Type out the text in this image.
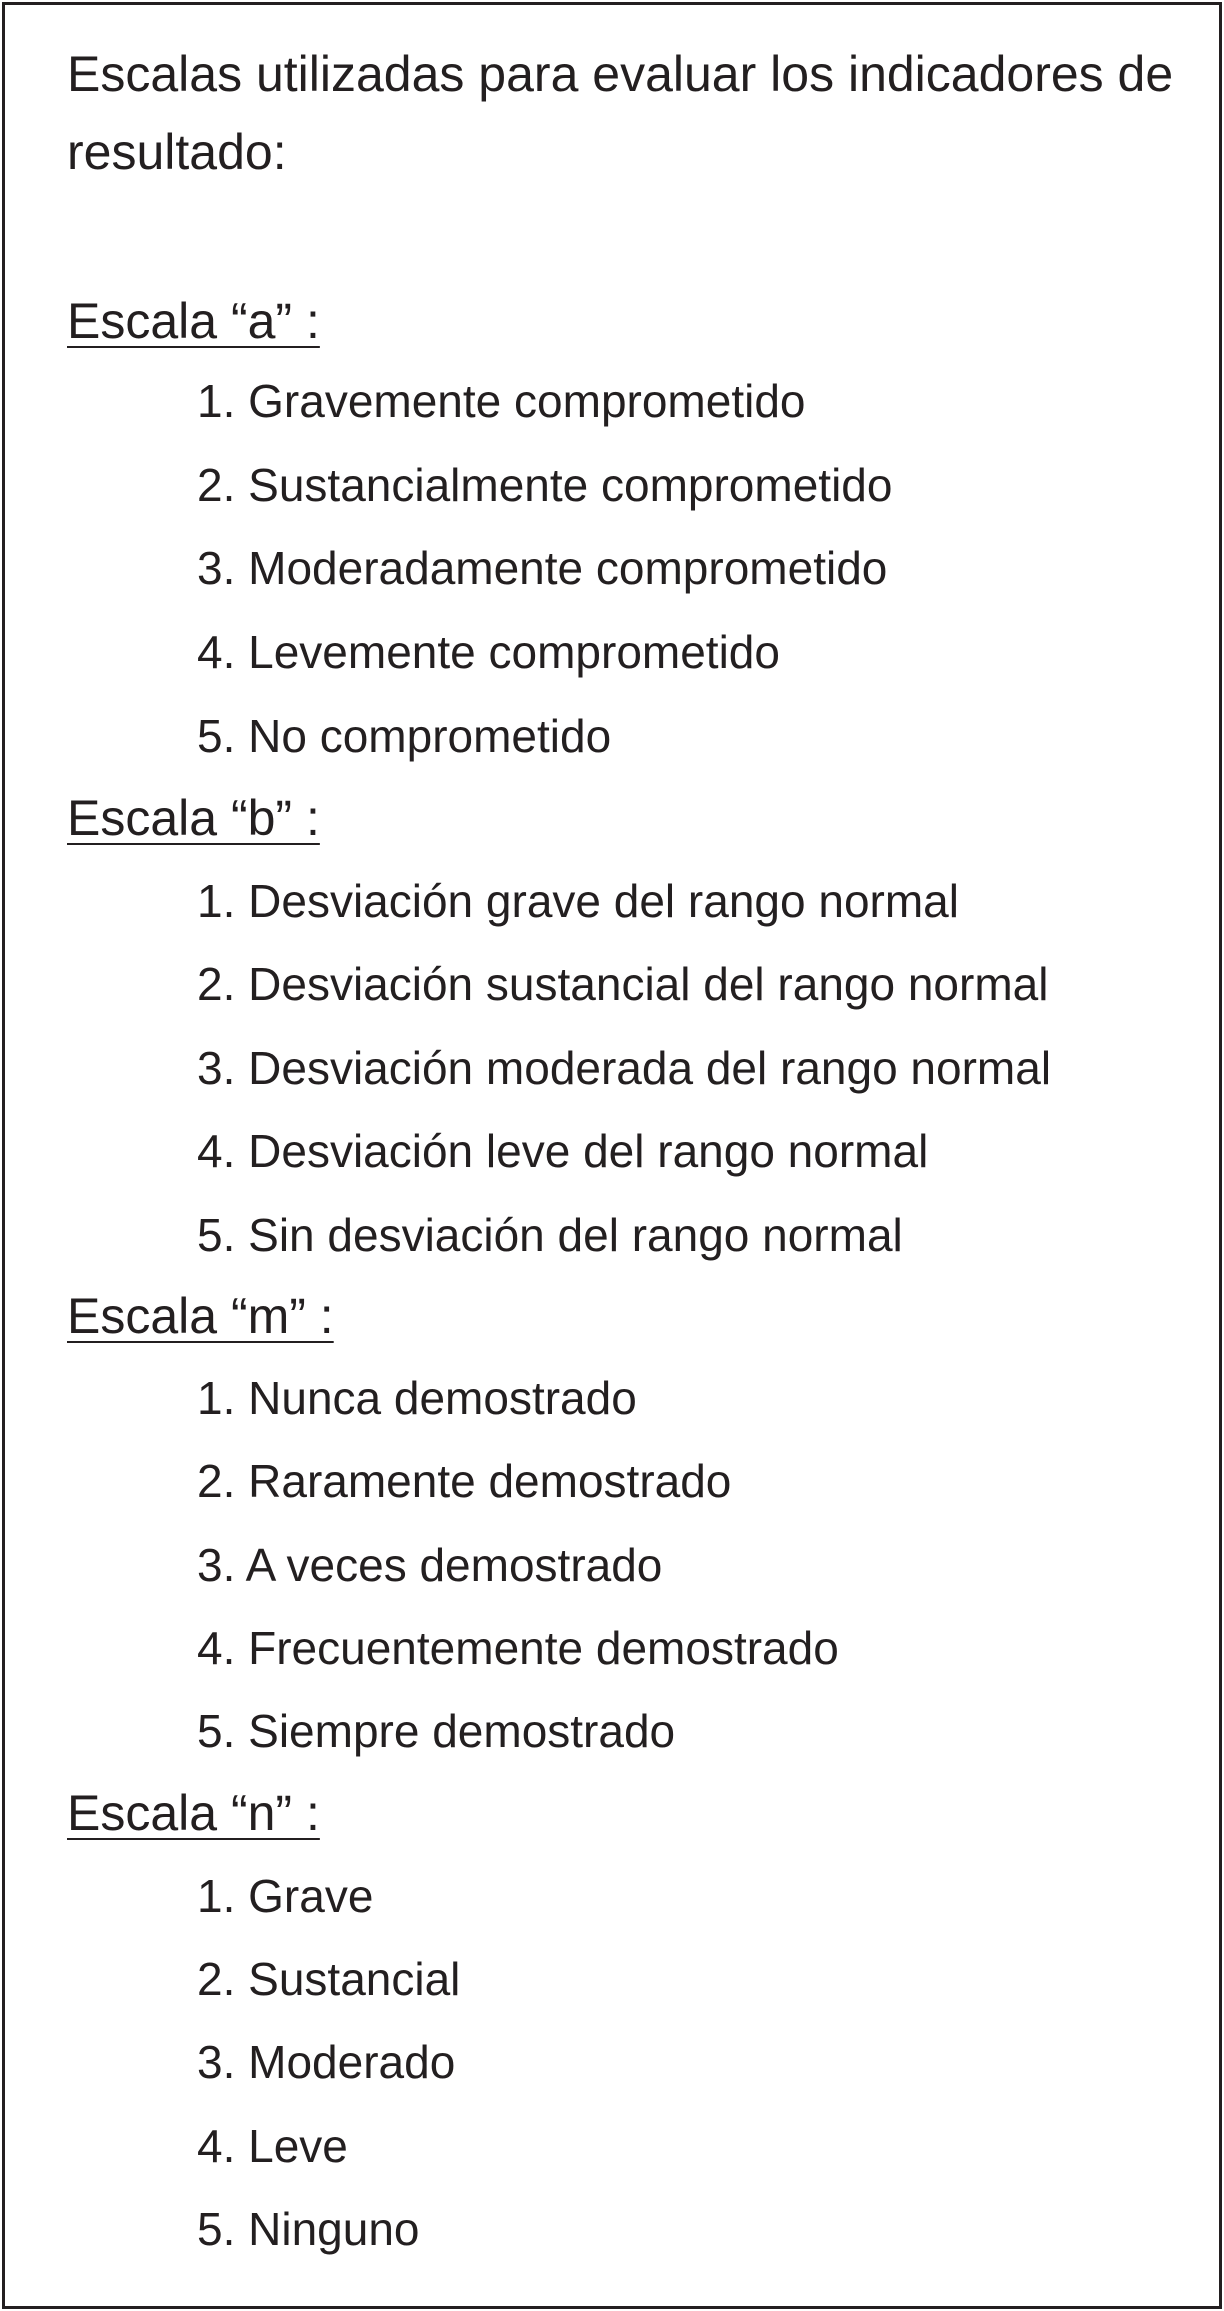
Escalas utilizadas para evaluar los indicadores de resultado:

Escala “a” :

1. Gravemente comprometido

2. Sustancialmente comprometido

3. Moderadamente comprometido

4. Levemente comprometido

5. No comprometido

Escala “b” :

1. Desviación grave del rango normal

2. Desviación sustancial del rango normal

3. Desviación moderada del rango normal

4. Desviación leve del rango normal

5. Sin desviación del rango normal

Escala “m” :

1. Nunca demostrado

2. Raramente demostrado

3. A veces demostrado

4. Frecuentemente demostrado

5. Siempre demostrado

Escala “n” :

1. Grave

2. Sustancial

3. Moderado

4. Leve

5. Ninguno
